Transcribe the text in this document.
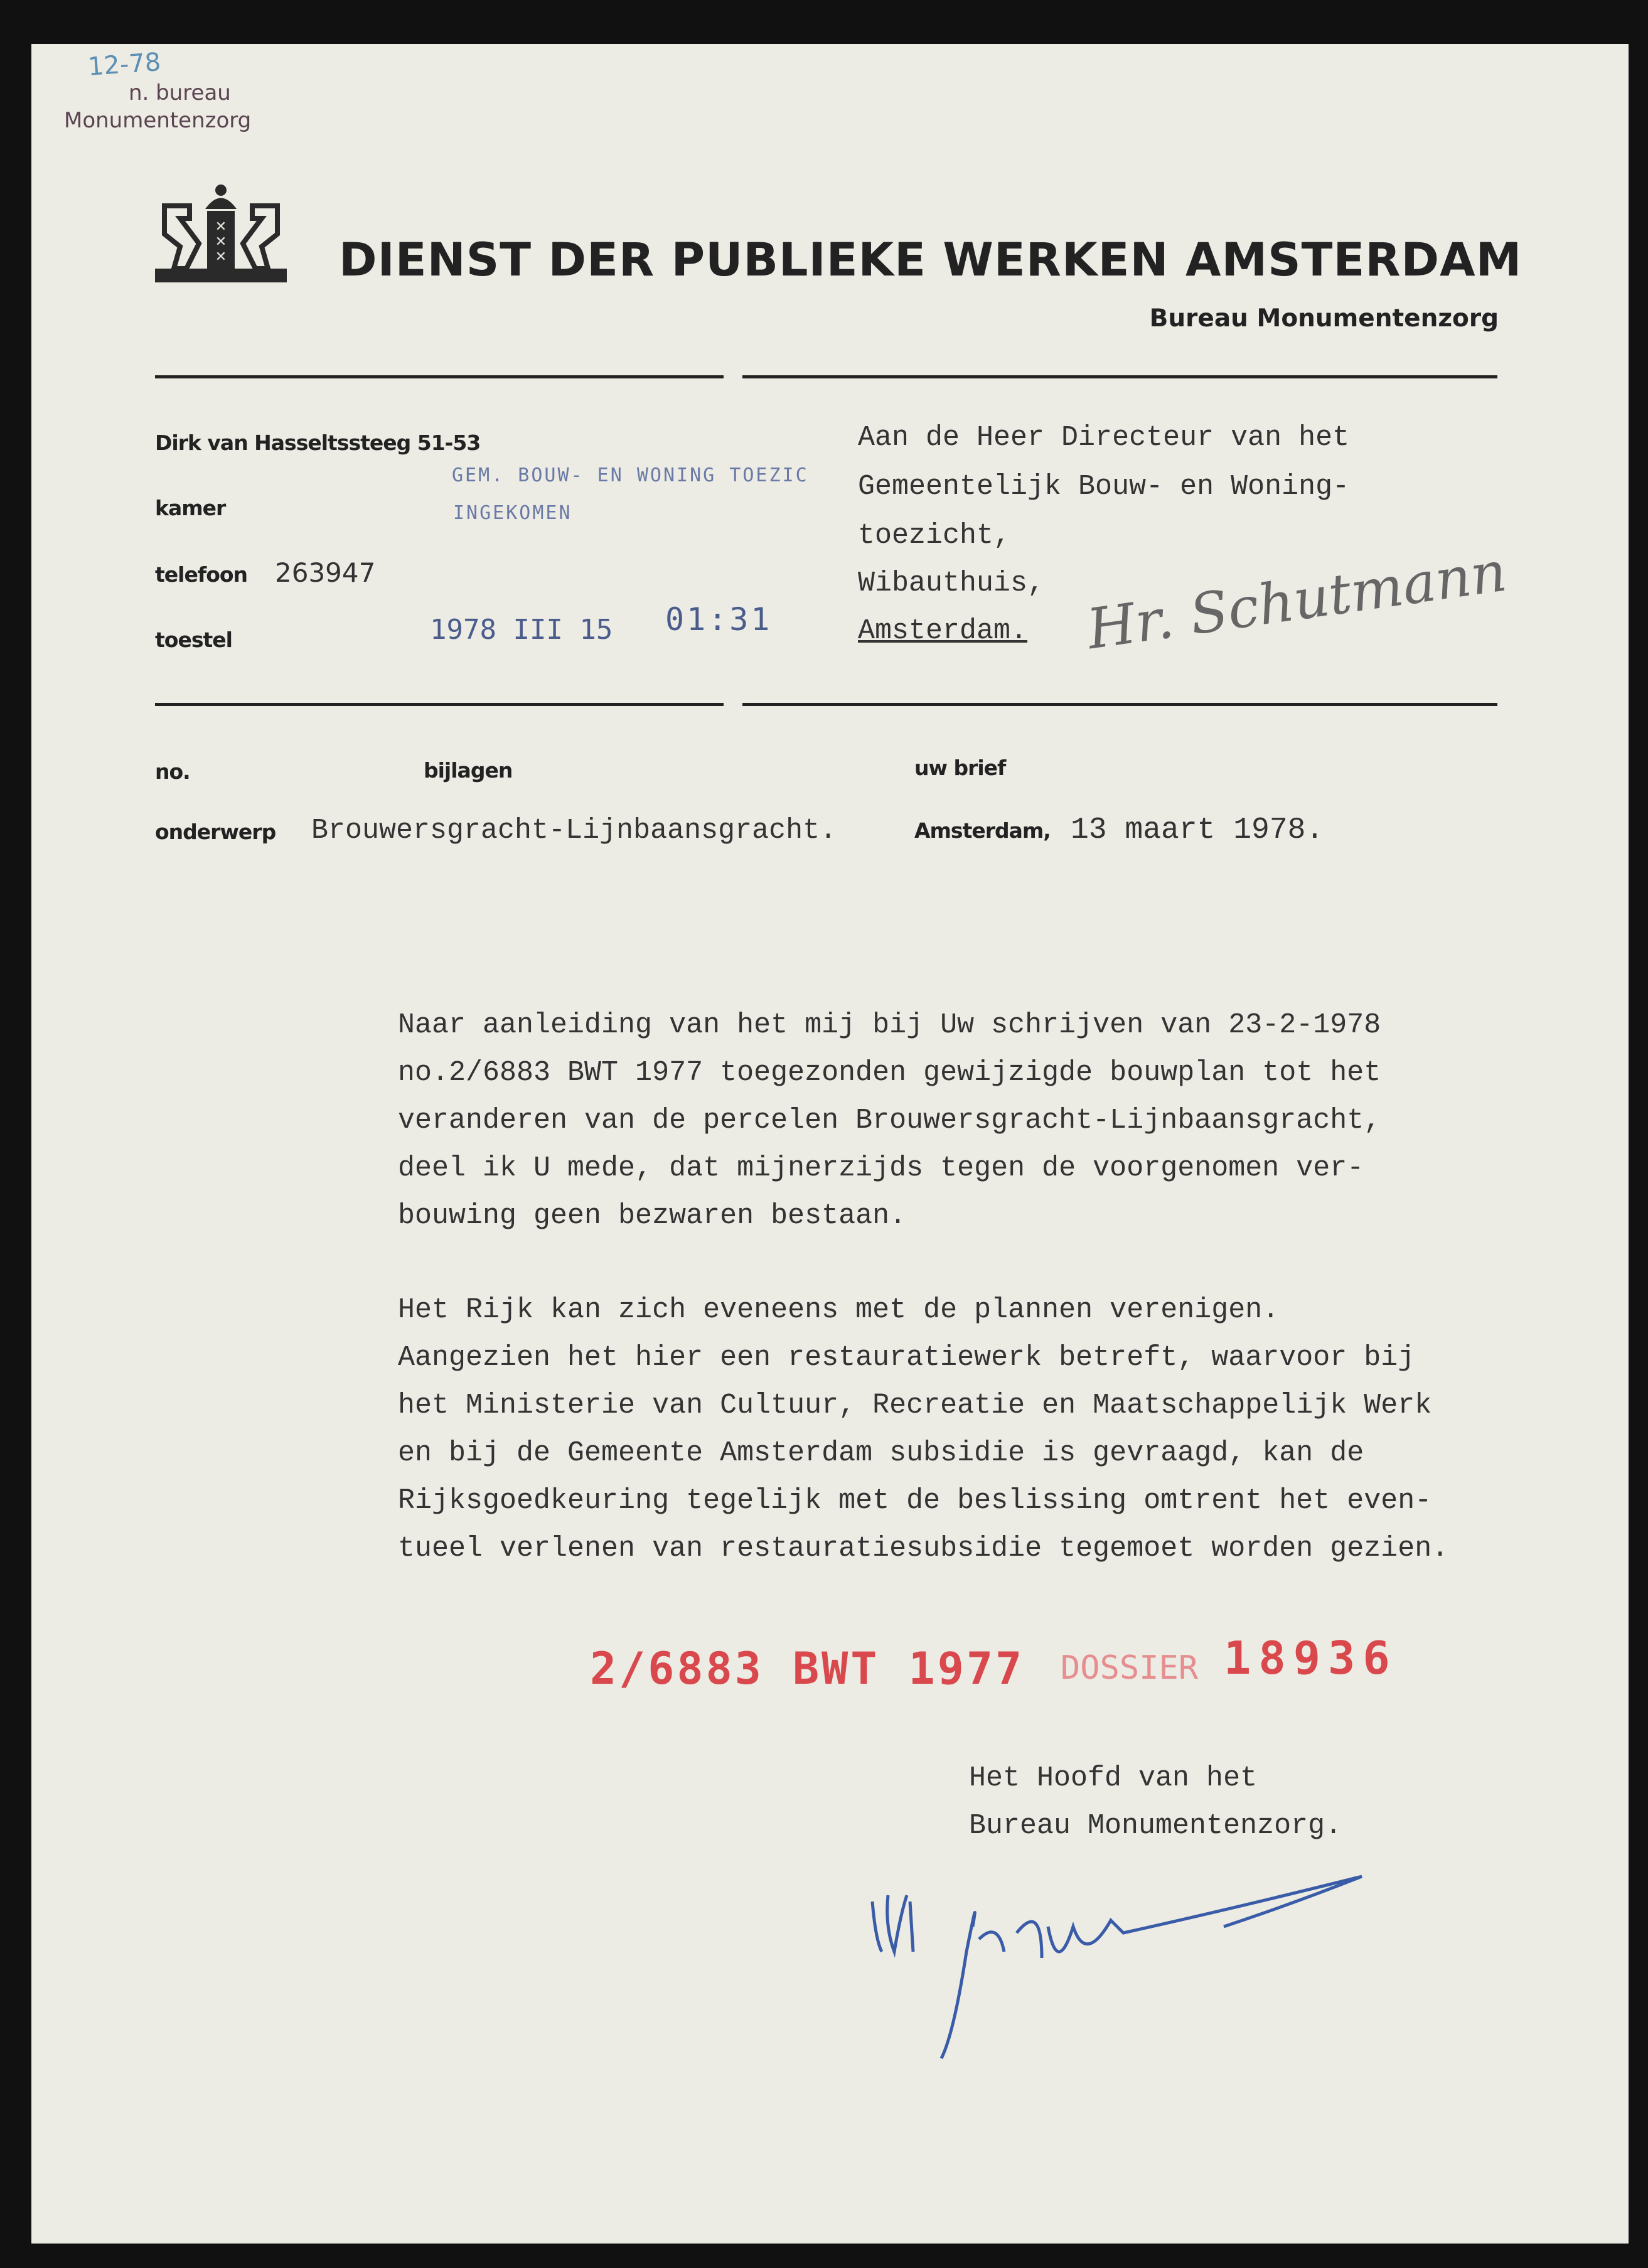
12-78
n. bureau
Monumentenzorg
✕
✕
✕ DIENST DER PUBLIEKE WERKEN AMSTERDAM
Bureau Monumentenzorg
Dirk van Hasseltssteeg 51-53
kamer
telefoon 263947
toestel
GEM. BOUW- EN WONING TOEZIC
INGEKOMEN
1978 III 15 01:31
Aan de Heer Directeur van het
Gemeentelijk Bouw- en Woning-
toezicht,
Wibauthuis,
Amsterdam. Hr. Schutmann
no.	bijlagen	uw brief
onderwerp Brouwersgracht-Lijnbaansgracht.	Amsterdam, 13 maart 1978.
Naar aanleiding van het mij bij Uw schrijven van 23-2-1978
no.2/6883 BWT 1977 toegezonden gewijzigde bouwplan tot het
veranderen van de percelen Brouwersgracht-Lijnbaansgracht,
deel ik U mede, dat mijnerzijds tegen de voorgenomen ver-
bouwing geen bezwaren bestaan.
Het Rijk kan zich eveneens met de plannen verenigen.
Aangezien het hier een restauratiewerk betreft, waarvoor bij
het Ministerie van Cultuur, Recreatie en Maatschappelijk Werk
en bij de Gemeente Amsterdam subsidie is gevraagd, kan de
Rijksgoedkeuring tegelijk met de beslissing omtrent het even-
tueel verlenen van restauratiesubsidie tegemoet worden gezien.
2/6883 BWT 1977 DOSSIER 18936
Het Hoofd van het
Bureau Monumentenzorg.
